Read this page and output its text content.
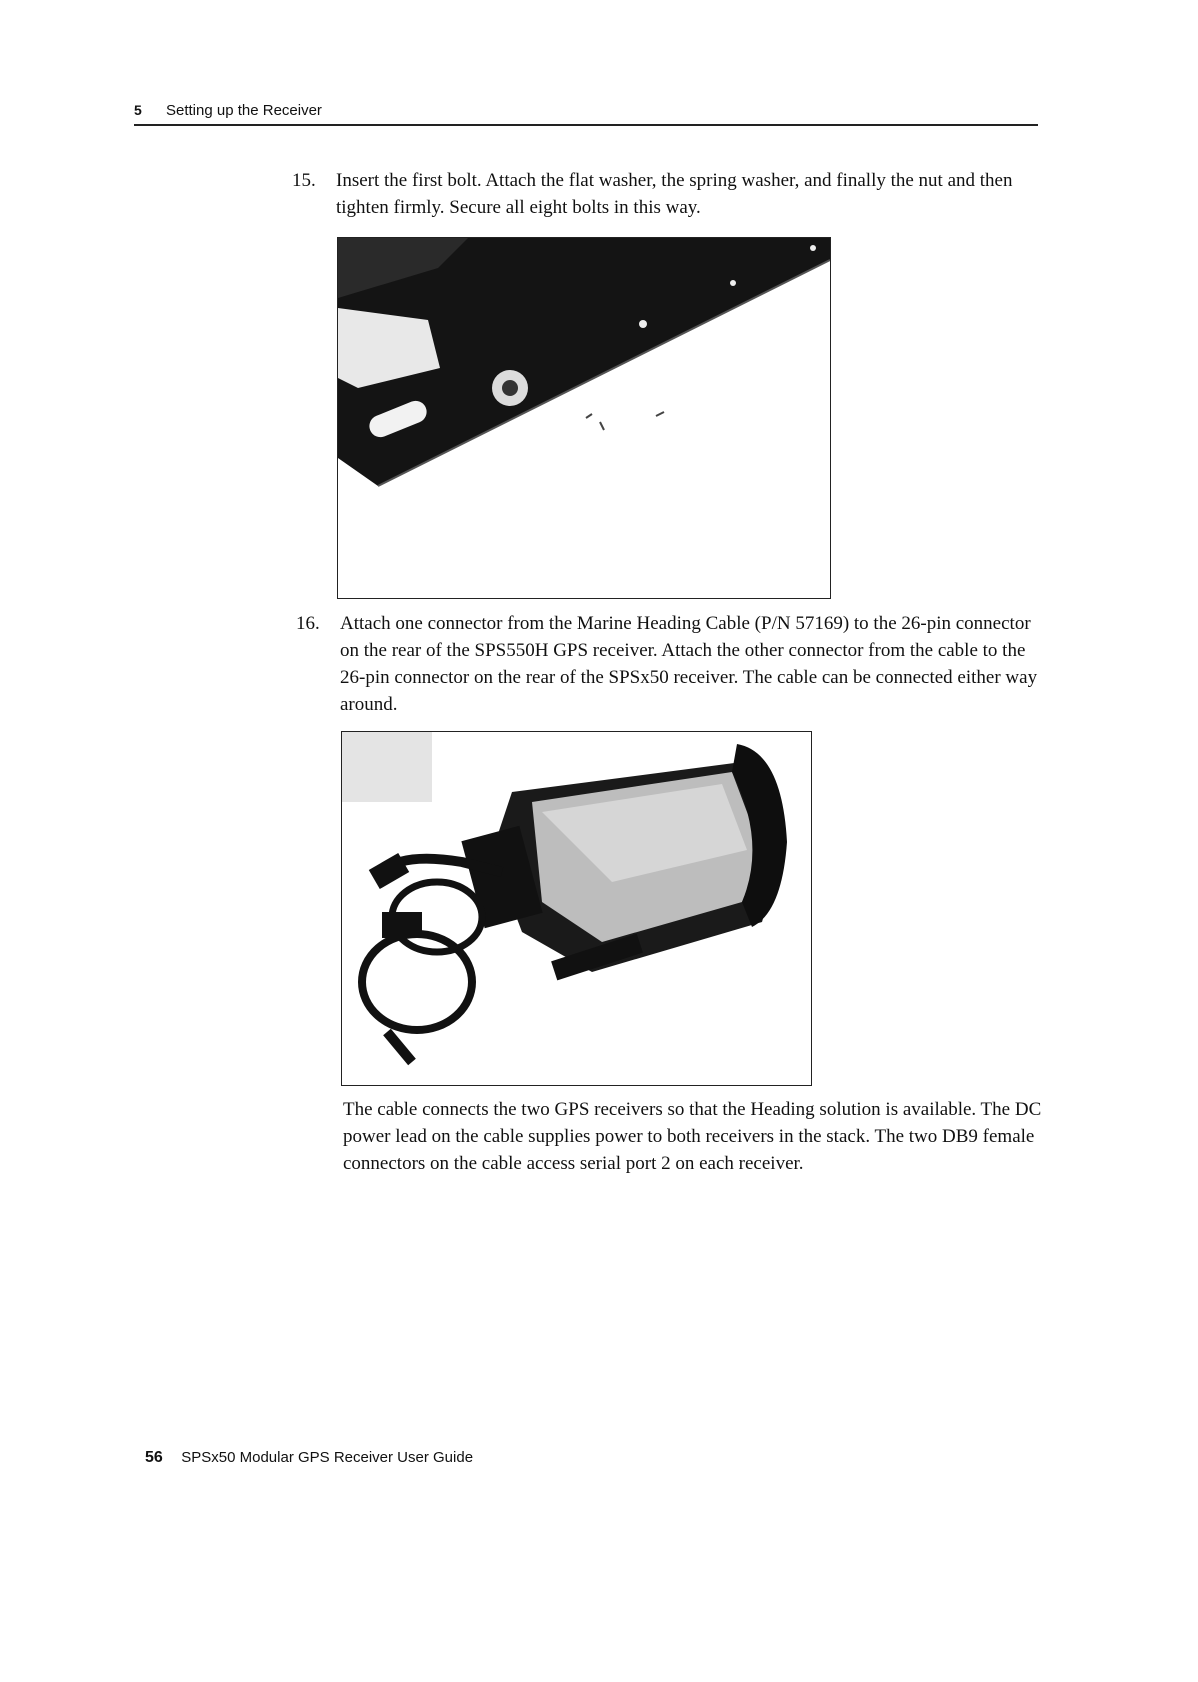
5 Setting up the Receiver
15. Insert the first bolt. Attach the flat washer, the spring washer, and finally the nut and then tighten firmly. Secure all eight bolts in this way.
16. Attach one connector from the Marine Heading Cable (P/N 57169) to the 26-pin connector on the rear of the SPS550H GPS receiver. Attach the other connector from the cable to the 26-pin connector on the rear of the SPSx50 receiver. The cable can be connected either way around.
The cable connects the two GPS receivers so that the Heading solution is available. The DC power lead on the cable supplies power to both receivers in the stack. The two DB9 female connectors on the cable access serial port 2 on each receiver.
56 SPSx50 Modular GPS Receiver User Guide
